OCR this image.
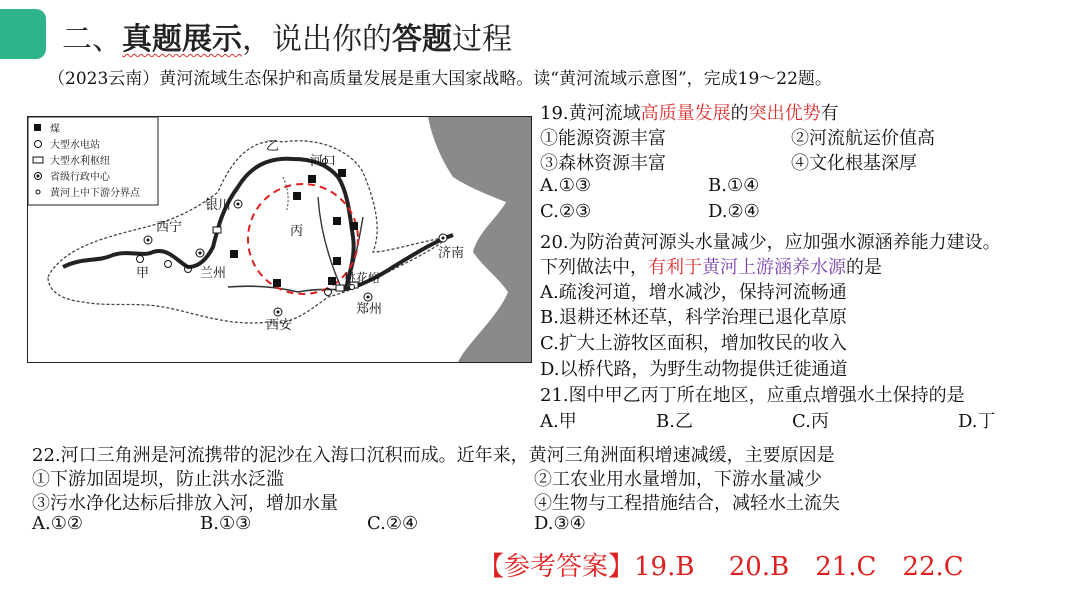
二、真题展示，说出你的答题过程
（2023云南）黄河流域生态保护和高质量发展是重大国家战略。读“黄河流域示意图”，完成19～22题。
煤
大型水电站
大型水利枢纽
省级行政中心
黄河上中下游分界点
乙
河口
银川
丙
西宁
甲	兰州	桃花峪
郑州
西安
济南
19.黄河流域高质量发展的突出优势有
①能源资源丰富	②河流航运价值高
③森林资源丰富	④文化根基深厚
A.①③	B.①④
C.②③	D.②④
20.为防治黄河源头水量减少，应加强水源涵养能力建设。
下列做法中，有利于黄河上游涵养水源的是
A.疏浚河道，增水减沙，保持河流畅通
B.退耕还林还草，科学治理已退化草原
C.扩大上游牧区面积，增加牧民的收入
D.以桥代路，为野生动物提供迁徙通道
21.图中甲乙丙丁所在地区，应重点增强水土保持的是
A.甲	B.乙	C.丙	D.丁
22.河口三角洲是河流携带的泥沙在入海口沉积而成。近年来，黄河三角洲面积增速减缓，主要原因是
①下游加固堤坝，防止洪水泛滥	②工农业用水量增加，下游水量减少
③污水净化达标后排放入河，增加水量	④生物与工程措施结合，减轻水土流失
A.①②	B.①③	C.②④	D.③④
【参考答案】19.B　 20.B　21.C　22.C
